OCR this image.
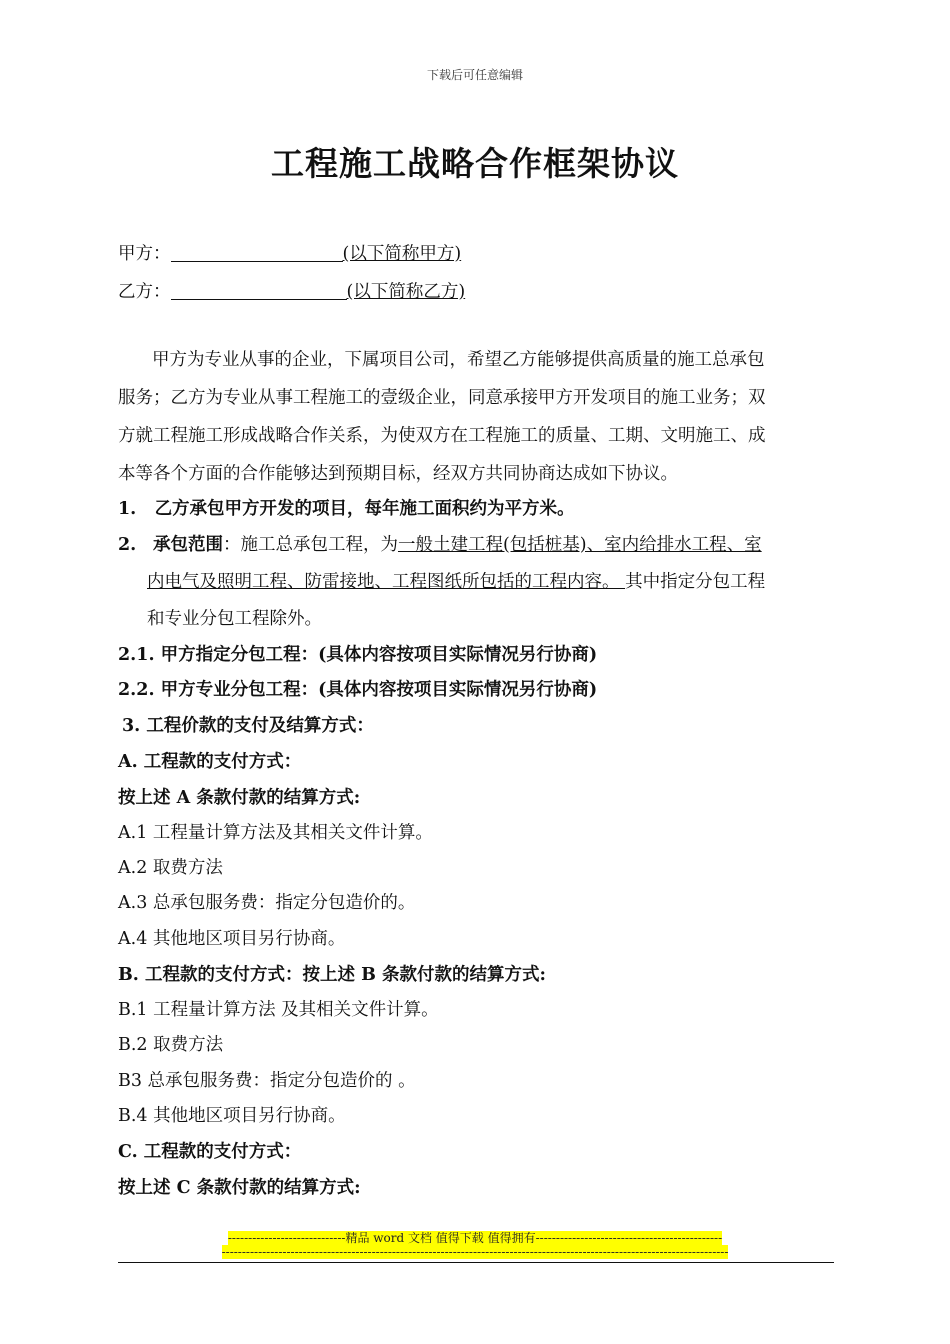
下载后可任意编辑
工程施工战略合作框架协议
甲方：	(以下简称甲方)
乙方：	(以下简称乙方)
甲方为专业从事的企业，下属项目公司，希望乙方能够提供高质量的施工总承包
服务；乙方为专业从事工程施工的壹级企业，同意承接甲方开发项目的施工业务；双
方就工程施工形成战略合作关系，为使双方在工程施工的质量、工期、文明施工、成
本等各个方面的合作能够达到预期目标，经双方共同协商达成如下协议。
1. 乙方承包甲方开发的项目，每年施工面积约为平方米。
2. 承包范围：施工总承包工程，为一般土建工程(包括桩基)、室内给排水工程、室
内电气及照明工程、防雷接地、工程图纸所包括的工程内容。 其中指定分包工程
和专业分包工程除外。
2.1. 甲方指定分包工程：(具体内容按项目实际情况另行协商)
2.2. 甲方专业分包工程：(具体内容按项目实际情况另行协商)
3. 工程价款的支付及结算方式：
A. 工程款的支付方式：
按上述 A 条款付款的结算方式:
A.1 工程量计算方法及其相关文件计算。
A.2 取费方法
A.3 总承包服务费：指定分包造价的。
A.4 其他地区项目另行协商。
B. 工程款的支付方式：按上述 B 条款付款的结算方式:
B.1 工程量计算方法 及其相关文件计算。
B.2 取费方法
B3 总承包服务费：指定分包造价的 。
B.4 其他地区项目另行协商。
C. 工程款的支付方式：
按上述 C 条款付款的结算方式:
-----------------------------精品 word 文档 值得下载 值得拥有----------------------------------------------
-----------------------------------------------------------------------------------------------------------------------------
